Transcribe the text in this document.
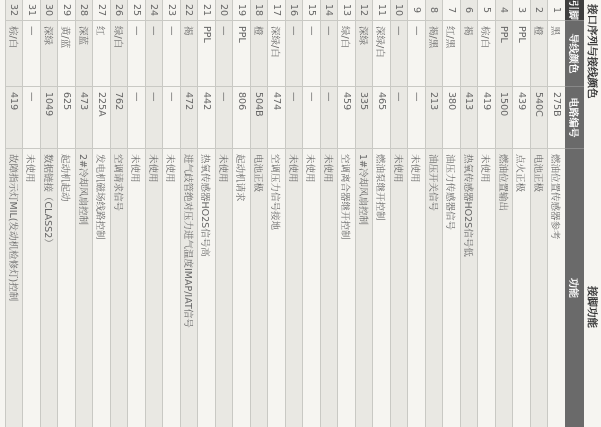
接口序列与接线颜色
接脚功能
引脚
导线颜色
电路编号
功能
1
黑
275B
燃油位置传感器参考
2
橙
540C
电池正极
3
PPL
439
点火正极
4
PPL
1500
燃油位置输出
5
棕/白
419
未使用
6
褐
413
热氧传感器HO2S信号低
7
红/黑
380
油压力传感器信号
8
褐/黑
213
油压开关信号
9
—
—
未使用
10
—
—
未使用
11
深绿/白
465
燃油泵继开控制
12
深绿
335
1#冷却风扇控制
13
绿/白
459
空调离合器继开控制
14
—
—
未使用
15
—
—
未使用
16
—
—
未使用
17
深绿/白
474
空调压力信号接地
18
橙
504B
电池正极
19
PPL
806
起动机请求
20
—
—
未使用
21
PPL
442
热氧传感器HO2S信号高
22
褐
472
进气歧管绝对压力进气温度IMAP/IAT信号
23
—
—
未使用
24
—
—
未使用
25
—
—
未使用
26
绿/白
762
空调请求信号
27
红
225A
发电机磁场线路控制
28
深蓝
473
2#冷却风扇控制
29
黄/蓝
625
起动机起动
30
深绿
1049
数据链接（CLASS2）
31
—
—
未使用
32
棕/白
419
故障指示灯MIL(发动机检修灯)控制
